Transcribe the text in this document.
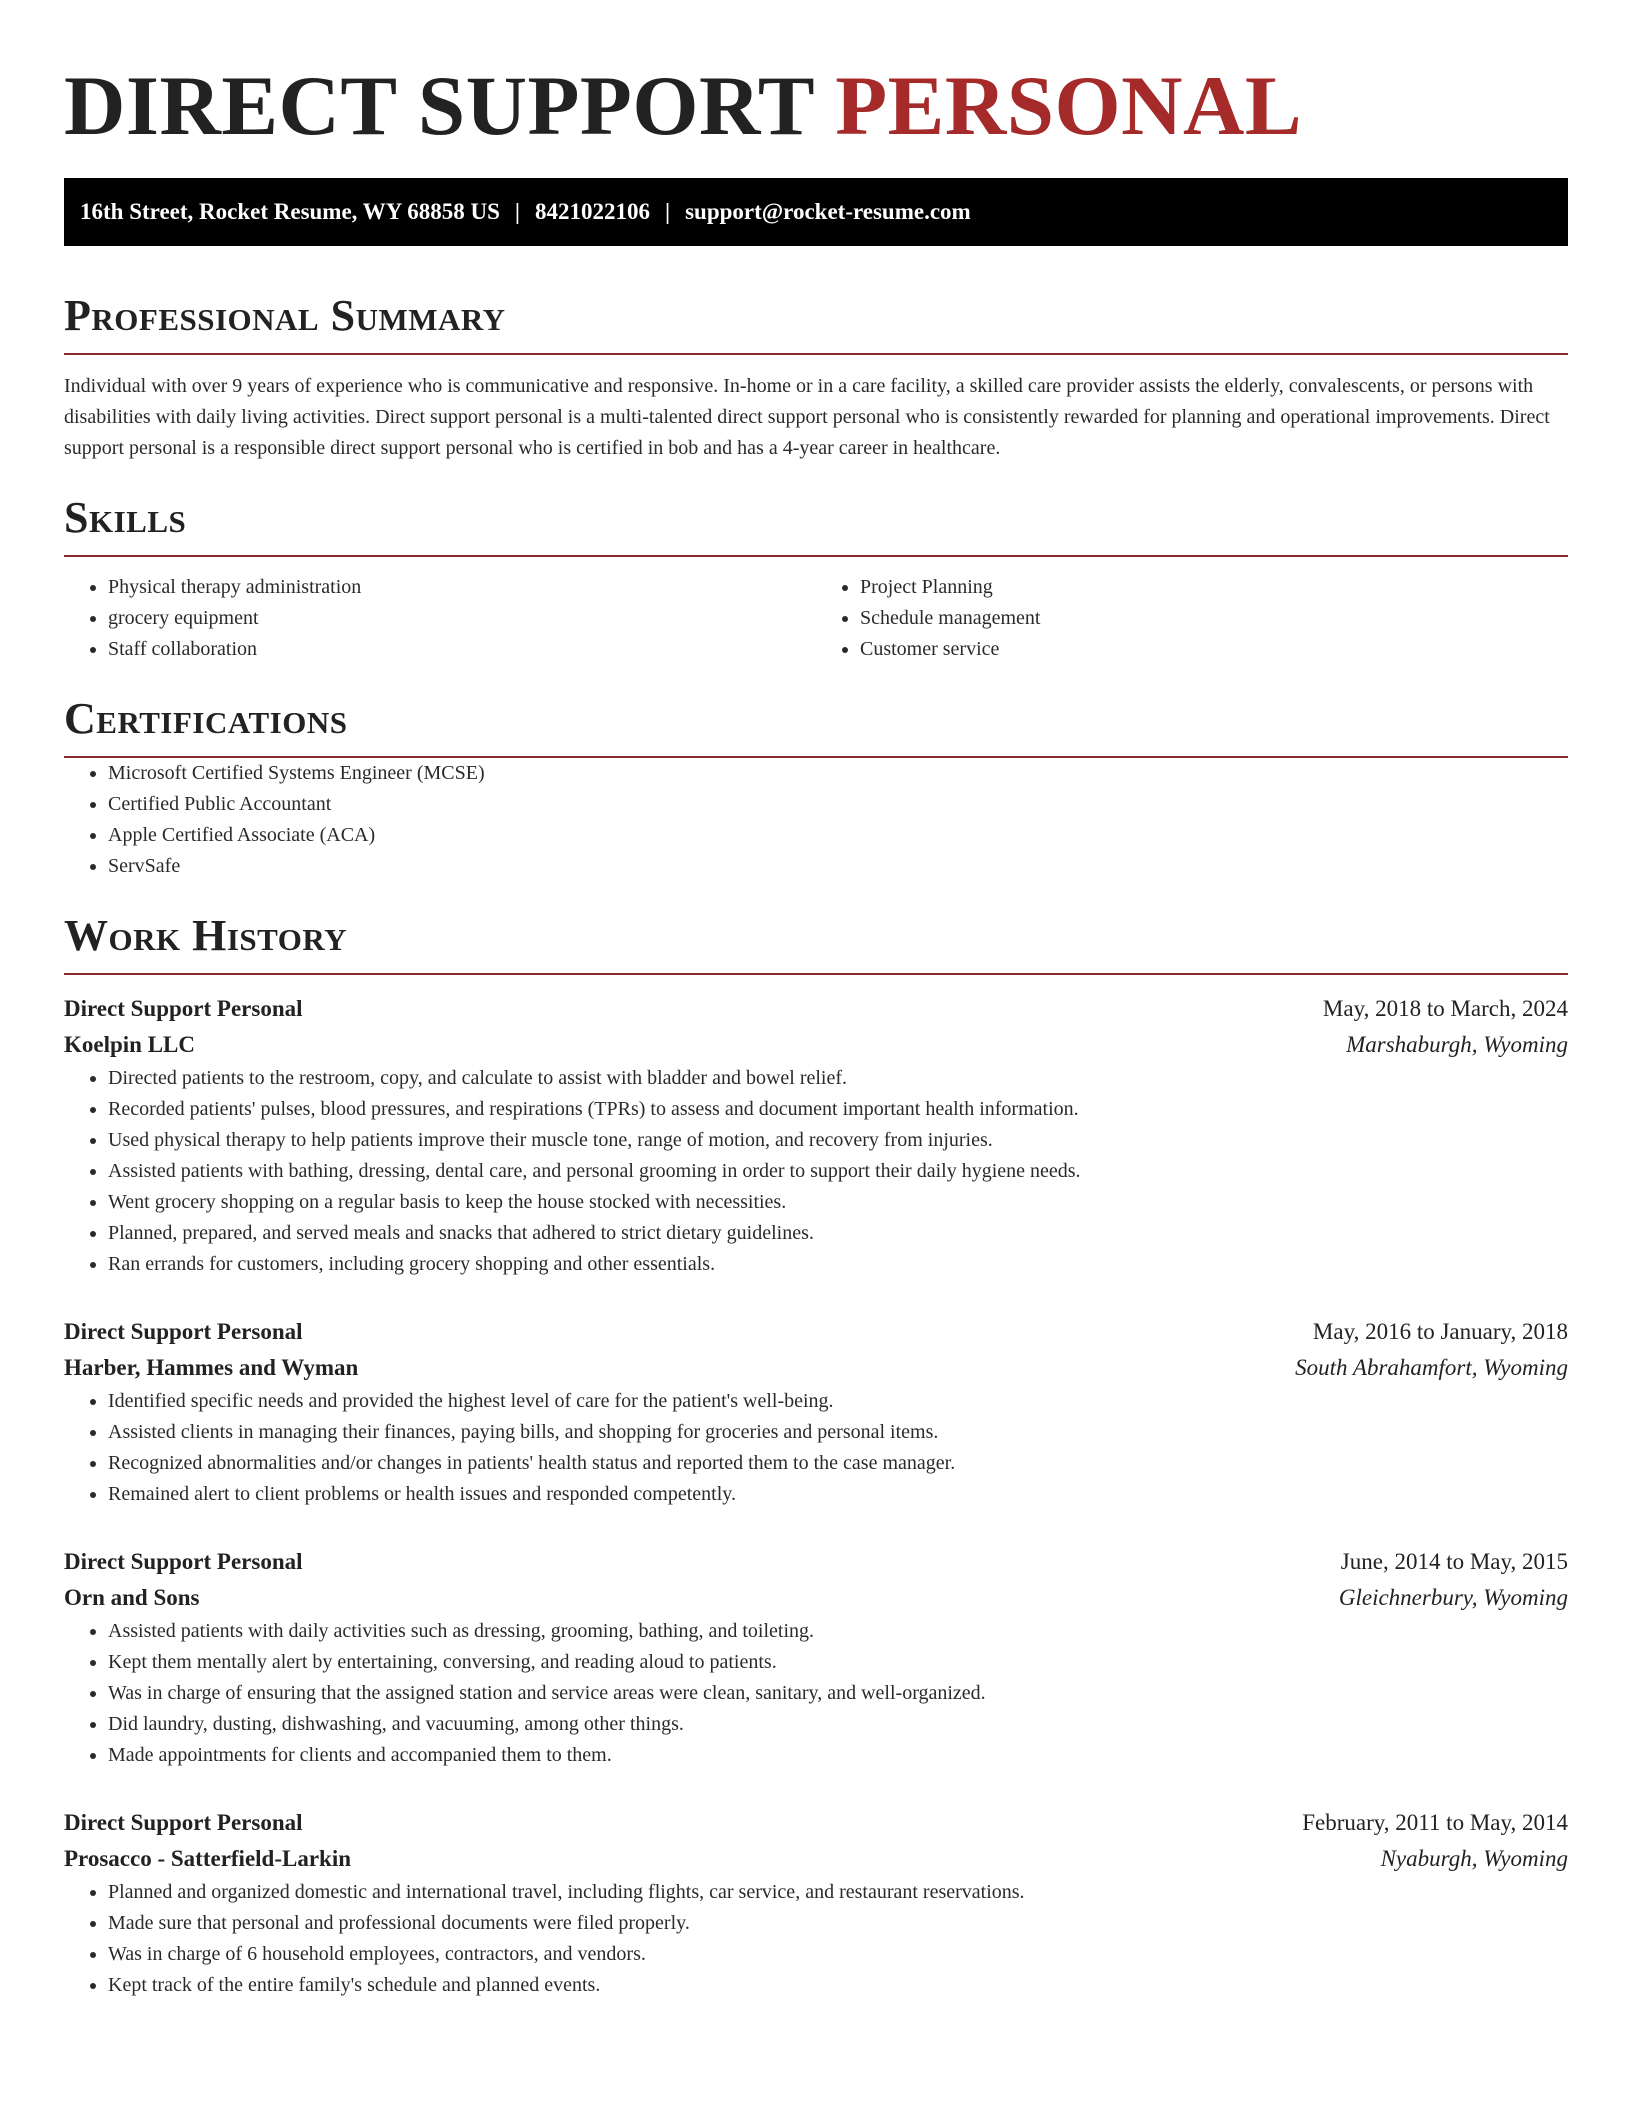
DIRECT SUPPORT PERSONAL
16th Street, Rocket Resume, WY 68858 US | 8421022106 | support@rocket-resume.com
Professional Summary

Individual with over 9 years of experience who is communicative and responsive. In-home or in a care facility, a skilled care provider assists the elderly, convalescents, or persons with disabilities with daily living activities. Direct support personal is a multi-talented direct support personal who is consistently rewarded for planning and operational improvements. Direct support personal is a responsible direct support personal who is certified in bob and has a 4-year career in healthcare.

Skills
• Physical therapy administration
• grocery equipment
• Staff collaboration
• Project Planning
• Schedule management
• Customer service
Certifications
• Microsoft Certified Systems Engineer (MCSE)
• Certified Public Accountant
• Apple Certified Associate (ACA)
• ServSafe
Work History
Direct Support Personal	May, 2018 to March, 2024
Koelpin LLC	Marshaburgh, Wyoming
• Directed patients to the restroom, copy, and calculate to assist with bladder and bowel relief.
• Recorded patients' pulses, blood pressures, and respirations (TPRs) to assess and document important health information.
• Used physical therapy to help patients improve their muscle tone, range of motion, and recovery from injuries.
• Assisted patients with bathing, dressing, dental care, and personal grooming in order to support their daily hygiene needs.
• Went grocery shopping on a regular basis to keep the house stocked with necessities.
• Planned, prepared, and served meals and snacks that adhered to strict dietary guidelines.
• Ran errands for customers, including grocery shopping and other essentials.
Direct Support Personal	May, 2016 to January, 2018
Harber, Hammes and Wyman	South Abrahamfort, Wyoming
• Identified specific needs and provided the highest level of care for the patient's well-being.
• Assisted clients in managing their finances, paying bills, and shopping for groceries and personal items.
• Recognized abnormalities and/or changes in patients' health status and reported them to the case manager.
• Remained alert to client problems or health issues and responded competently.
Direct Support Personal	June, 2014 to May, 2015
Orn and Sons	Gleichnerbury, Wyoming
• Assisted patients with daily activities such as dressing, grooming, bathing, and toileting.
• Kept them mentally alert by entertaining, conversing, and reading aloud to patients.
• Was in charge of ensuring that the assigned station and service areas were clean, sanitary, and well-organized.
• Did laundry, dusting, dishwashing, and vacuuming, among other things.
• Made appointments for clients and accompanied them to them.
Direct Support Personal	February, 2011 to May, 2014
Prosacco - Satterfield-Larkin	Nyaburgh, Wyoming
• Planned and organized domestic and international travel, including flights, car service, and restaurant reservations.
• Made sure that personal and professional documents were filed properly.
• Was in charge of 6 household employees, contractors, and vendors.
• Kept track of the entire family's schedule and planned events.
